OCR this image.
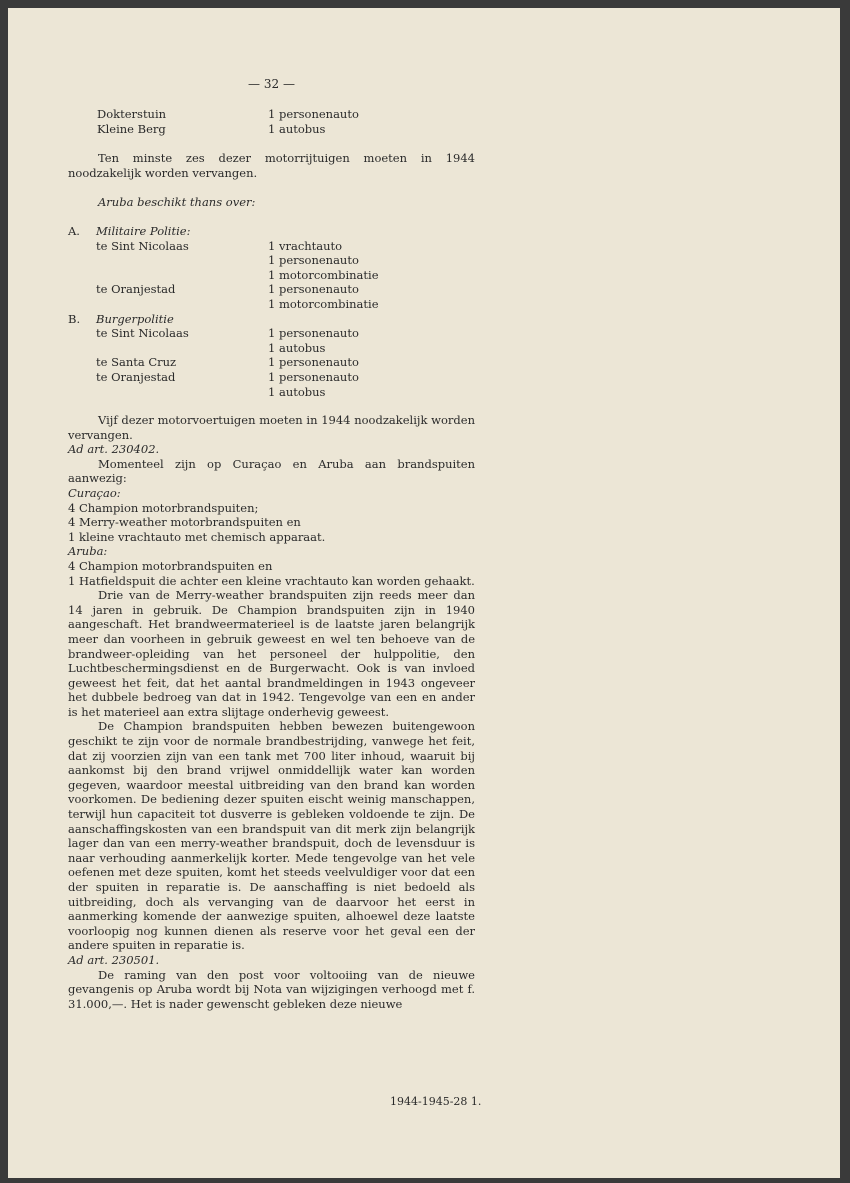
— 32 —
Dokterstuin	1 personenauto
Kleine Berg	1 autobus
Ten minste zes dezer motorrijtuigen moeten in 1944 noodzakelijk worden vervangen.
Aruba beschikt thans over:
A.	Militaire Politie:
te Sint Nicolaas	1 vrachtauto
1 personenauto
1 motorcombinatie
te Oranjestad	1 personenauto
1 motorcombinatie
B.	Burgerpolitie
te Sint Nicolaas	1 personenauto
1 autobus
te Santa Cruz	1 personenauto
te Oranjestad	1 personenauto
1 autobus
Vijf dezer motorvoertuigen moeten in 1944 noodzakelijk worden vervangen.
Ad art. 230402.
Momenteel zijn op Curaçao en Aruba aan brandspuiten aanwezig:
Curaçao:
4 Champion motorbrandspuiten;
4 Merry-weather motorbrandspuiten en
1 kleine vrachtauto met chemisch apparaat.
Aruba:
4 Champion motorbrandspuiten en
1 Hatfieldspuit die achter een kleine vrachtauto kan worden gehaakt.
Drie van de Merry-weather brandspuiten zijn reeds meer dan 14 jaren in gebruik. De Champion brandspuiten zijn in 1940 aangeschaft. Het brandweermaterieel is de laatste jaren belangrijk meer dan voorheen in gebruik geweest en wel ten behoeve van de brandweer-opleiding van het personeel der hulppolitie, den Luchtbeschermingsdienst en de Burgerwacht. Ook is van invloed geweest het feit, dat het aantal brandmeldingen in 1943 ongeveer het dubbele bedroeg van dat in 1942. Tengevolge van een en ander is het materieel aan extra slijtage onderhevig geweest.
De Champion brandspuiten hebben bewezen buitengewoon geschikt te zijn voor de normale brandbestrijding, vanwege het feit, dat zij voorzien zijn van een tank met 700 liter inhoud, waaruit bij aankomst bij den brand vrijwel onmiddellijk water kan worden gegeven, waardoor meestal uitbreiding van den brand kan worden voorkomen. De bediening dezer spuiten eischt weinig manschappen, terwijl hun capaciteit tot dusverre is gebleken voldoende te zijn. De aanschaffingskosten van een brandspuit van dit merk zijn belangrijk lager dan van een merry-weather brandspuit, doch de levensduur is naar verhouding aanmerkelijk korter. Mede tengevolge van het vele oefenen met deze spuiten, komt het steeds veelvuldiger voor dat een der spuiten in reparatie is. De aanschaffing is niet bedoeld als uitbreiding, doch als vervanging van de daarvoor het eerst in aanmerking komende der aanwezige spuiten, alhoewel deze laatste voorloopig nog kunnen dienen als reserve voor het geval een der andere spuiten in reparatie is.
Ad art. 230501.
De raming van den post voor voltooiing van de nieuwe gevangenis op Aruba wordt bij Nota van wijzigingen verhoogd met f. 31.000,—. Het is nader gewenscht gebleken deze nieuwe
1944-1945-28 1.
